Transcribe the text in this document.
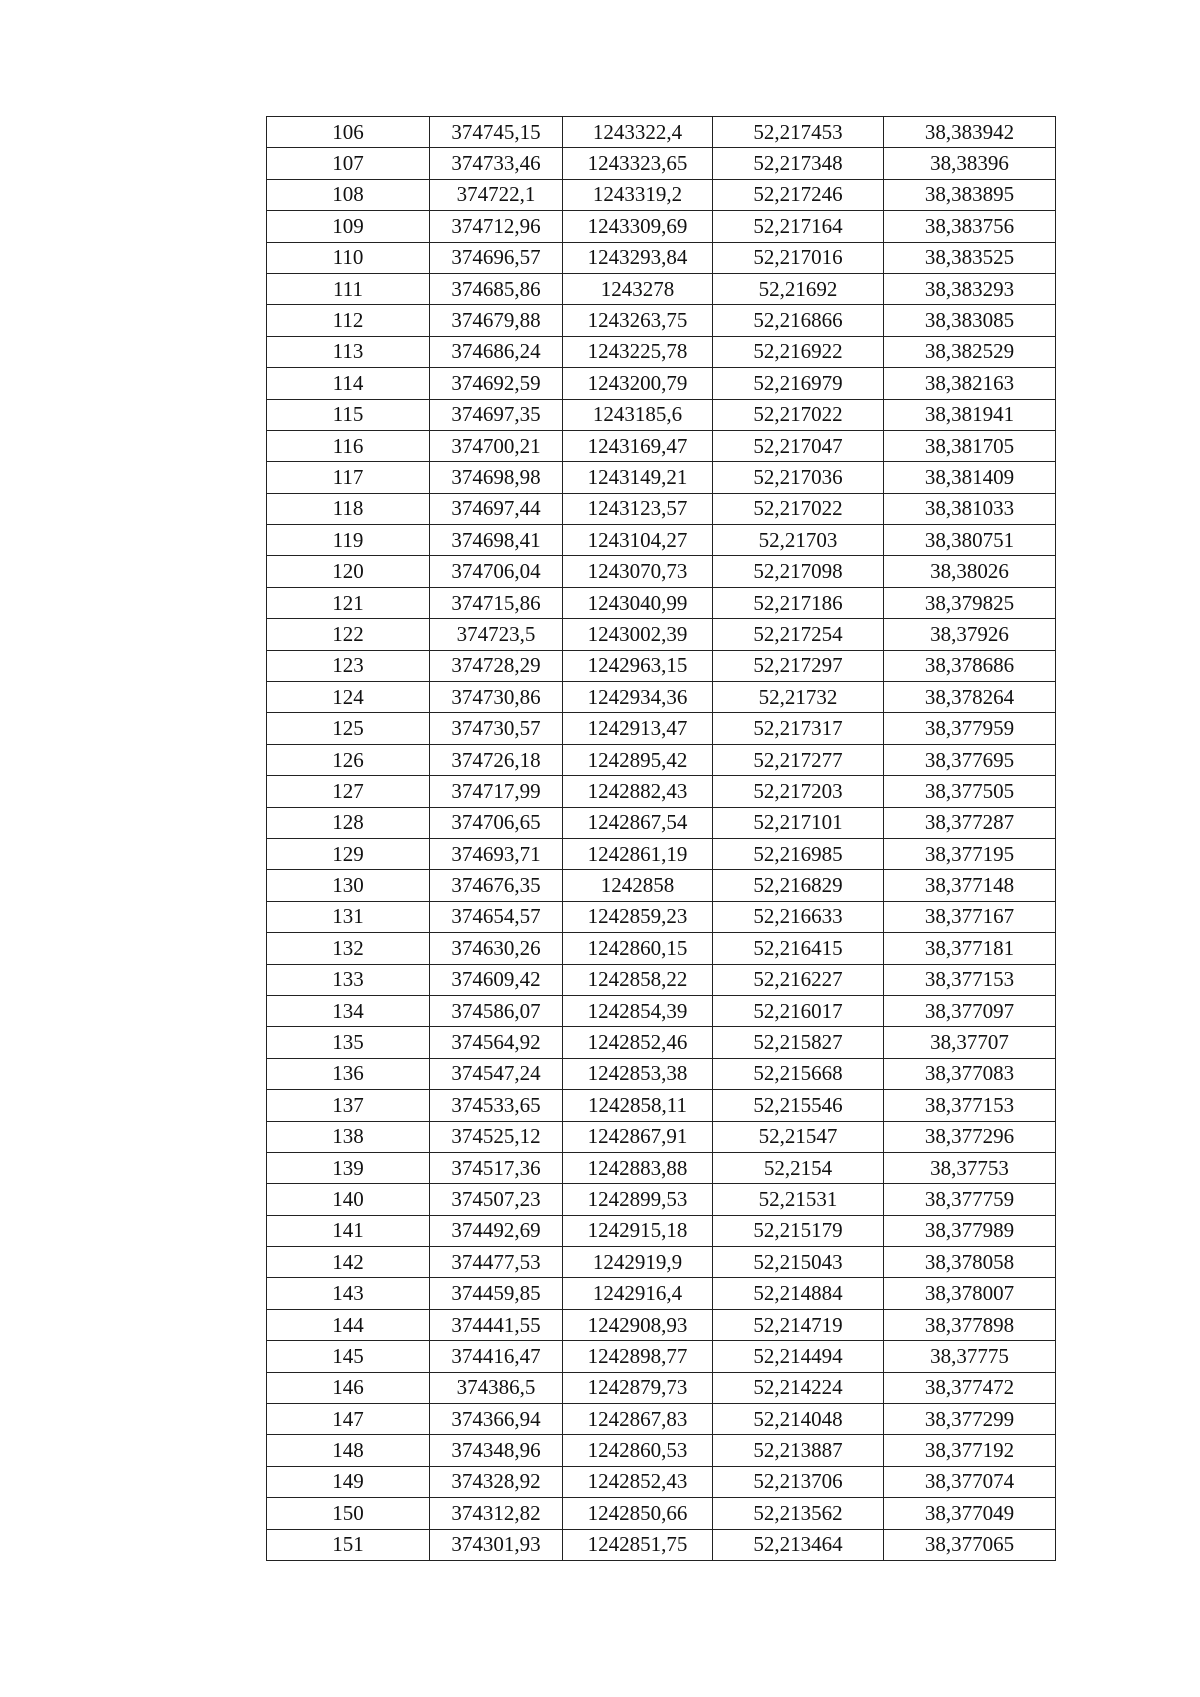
106	374745,15	1243322,4	52,217453	38,383942
107	374733,46	1243323,65	52,217348	38,38396
108	374722,1	1243319,2	52,217246	38,383895
109	374712,96	1243309,69	52,217164	38,383756
110	374696,57	1243293,84	52,217016	38,383525
111	374685,86	1243278	52,21692	38,383293
112	374679,88	1243263,75	52,216866	38,383085
113	374686,24	1243225,78	52,216922	38,382529
114	374692,59	1243200,79	52,216979	38,382163
115	374697,35	1243185,6	52,217022	38,381941
116	374700,21	1243169,47	52,217047	38,381705
117	374698,98	1243149,21	52,217036	38,381409
118	374697,44	1243123,57	52,217022	38,381033
119	374698,41	1243104,27	52,21703	38,380751
120	374706,04	1243070,73	52,217098	38,38026
121	374715,86	1243040,99	52,217186	38,379825
122	374723,5	1243002,39	52,217254	38,37926
123	374728,29	1242963,15	52,217297	38,378686
124	374730,86	1242934,36	52,21732	38,378264
125	374730,57	1242913,47	52,217317	38,377959
126	374726,18	1242895,42	52,217277	38,377695
127	374717,99	1242882,43	52,217203	38,377505
128	374706,65	1242867,54	52,217101	38,377287
129	374693,71	1242861,19	52,216985	38,377195
130	374676,35	1242858	52,216829	38,377148
131	374654,57	1242859,23	52,216633	38,377167
132	374630,26	1242860,15	52,216415	38,377181
133	374609,42	1242858,22	52,216227	38,377153
134	374586,07	1242854,39	52,216017	38,377097
135	374564,92	1242852,46	52,215827	38,37707
136	374547,24	1242853,38	52,215668	38,377083
137	374533,65	1242858,11	52,215546	38,377153
138	374525,12	1242867,91	52,21547	38,377296
139	374517,36	1242883,88	52,2154	38,37753
140	374507,23	1242899,53	52,21531	38,377759
141	374492,69	1242915,18	52,215179	38,377989
142	374477,53	1242919,9	52,215043	38,378058
143	374459,85	1242916,4	52,214884	38,378007
144	374441,55	1242908,93	52,214719	38,377898
145	374416,47	1242898,77	52,214494	38,37775
146	374386,5	1242879,73	52,214224	38,377472
147	374366,94	1242867,83	52,214048	38,377299
148	374348,96	1242860,53	52,213887	38,377192
149	374328,92	1242852,43	52,213706	38,377074
150	374312,82	1242850,66	52,213562	38,377049
151	374301,93	1242851,75	52,213464	38,377065
